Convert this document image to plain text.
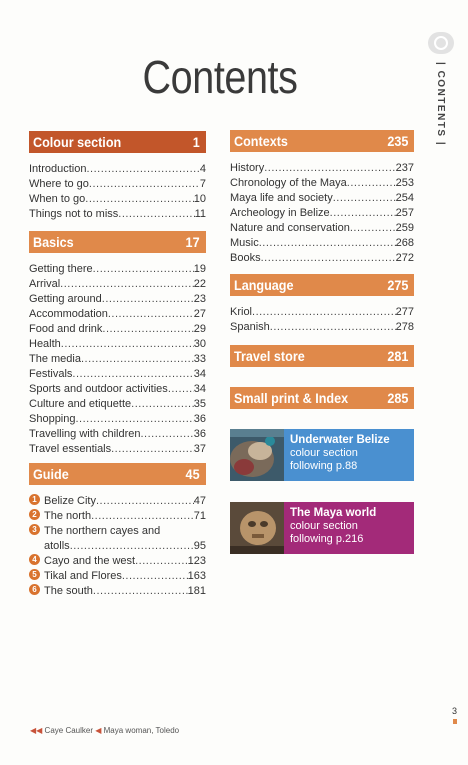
Contents	| CONTENTS |
Colour section	1
Introduction .....	4
Where to go .....	7
When to go .....	10
Things not to miss .....	11
Basics	17
Getting there .....	19
Arrival .....	22
Getting around .....	23
Accommodation .....	27
Food and drink .....	29
Health .....	30
The media .....	33
Festivals .....	34
Sports and outdoor activities ..... 34
Culture and etiquette .....	35
Shopping .....	36
Travelling with children .....	36
Travel essentials .....	37
Guide	45
1 Belize City .....	47
2 The north .....	71
3 The northern cayes and
atolls .....	95
4 Cayo and the west .....	123
5 Tikal and Flores .....	163
6 The south .....	181
Contexts	235
History .....	237
Chronology of the Maya .....	253
Maya life and society .....	254
Archeology in Belize .....	257
Nature and conservation .....	259
Music .....	268
Books .....	272
Language	275
Kriol .....	277
Spanish .....	278
Travel store	281
Small print & Index	285
Underwater Belize
colour section
following p.88
The Maya world
colour section
following p.216
◀◀ Caye Caulker ◀ Maya woman, Toledo
3
